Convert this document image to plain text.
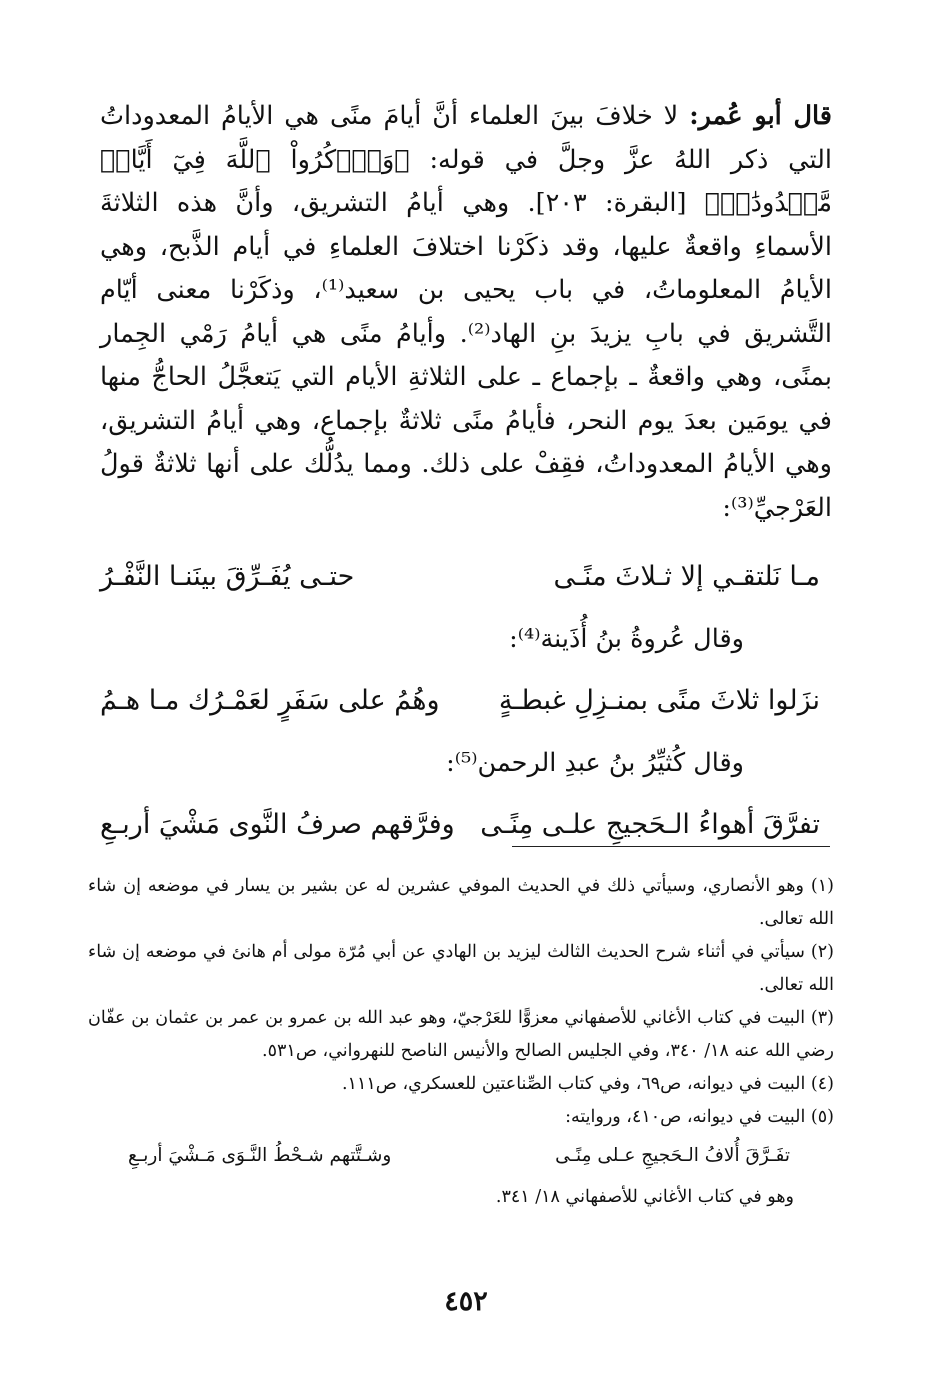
قال أبو عُمر: لا خلافَ بينَ العلماء أنَّ أيامَ منًى هي الأيامُ المعدوداتُ التي ذكر اللهُ عزَّ وجلَّ في قوله: ﴿وَٱذۡكُرُواْ ٱللَّهَ فِيٓ أَيَّامٖ مَّعۡدُودَٰتٖ﴾ [البقرة: ٢٠٣]. وهي أيامُ التشريق، وأنَّ هذه الثلاثةَ الأسماءِ واقعةٌ عليها، وقد ذكَرْنا اختلافَ العلماءِ في أيام الذَّبح، وهي الأيامُ المعلوماتُ، في باب يحيى بن سعيد⁽¹⁾، وذكَرْنا معنى أيّام التَّشريق في بابِ يزيدَ بنِ الهاد⁽²⁾. وأيامُ منًى هي أيامُ رَمْي الجِمار بمنًى، وهي واقعةٌ ـ بإجماع ـ على الثلاثةِ الأيام التي يَتعجَّلُ الحاجُّ منها في يومَين بعدَ يوم النحر، فأيامُ منًى ثلاثةٌ بإجماع، وهي أيامُ التشريق، وهي الأيامُ المعدوداتُ، فقِفْ على ذلك. ومما يدُلُّك على أنها ثلاثةٌ قولُ العَرْجيِّ⁽³⁾:

مـا نَلتقـي إلا ثـلاثَ منًـى
حتـى يُفَـرِّقَ بينَنـا النَّفْـرُ
وقال عُروةُ بنُ أُذَينة⁽⁴⁾:
نزَلوا ثلاثَ منًى بمنـزِلِ غبطـةٍ
وهُمُ على سَفَرٍ لعَمْـرُك مـا هـمُ
وقال كُثيِّرُ بنُ عبدِ الرحمن⁽⁵⁾:
تفرَّقَ أهواءُ الـحَجيجِ علـى مِنًـى
وفرَّقهم صرفُ النَّوى مَشْيَ أربـعِ

(١) وهو الأنصاري، وسيأتي ذلك في الحديث الموفي عشرين له عن بشير بن يسار في موضعه إن شاء الله تعالى.

(٢) سيأتي في أثناء شرح الحديث الثالث ليزيد بن الهادي عن أبي مُرّة مولى أم هانئ في موضعه إن شاء الله تعالى.

(٣) البيت في كتاب الأغاني للأصفهاني معزوًّا للعَرْجيّ، وهو عبد الله بن عمرو بن عمر بن عثمان بن عفّان رضي الله عنه ١٨/ ٣٤٠، وفي الجليس الصالح والأنيس الناصح للنهرواني، ص٥٣١.

(٤) البيت في ديوانه، ص٦٩، وفي كتاب الصِّناعتين للعسكري، ص١١١.

(٥) البيت في ديوانه، ص٤١٠، وروايته:

تفَـرَّقَ أُلافُ الـحَجيجِ عـلى مِنًـى
وشـتَّتهم شـحْطُ النَّـوَى مَـشْيَ أربـعِ

وهو في كتاب الأغاني للأصفهاني ١٨/ ٣٤١.

٤٥٢
